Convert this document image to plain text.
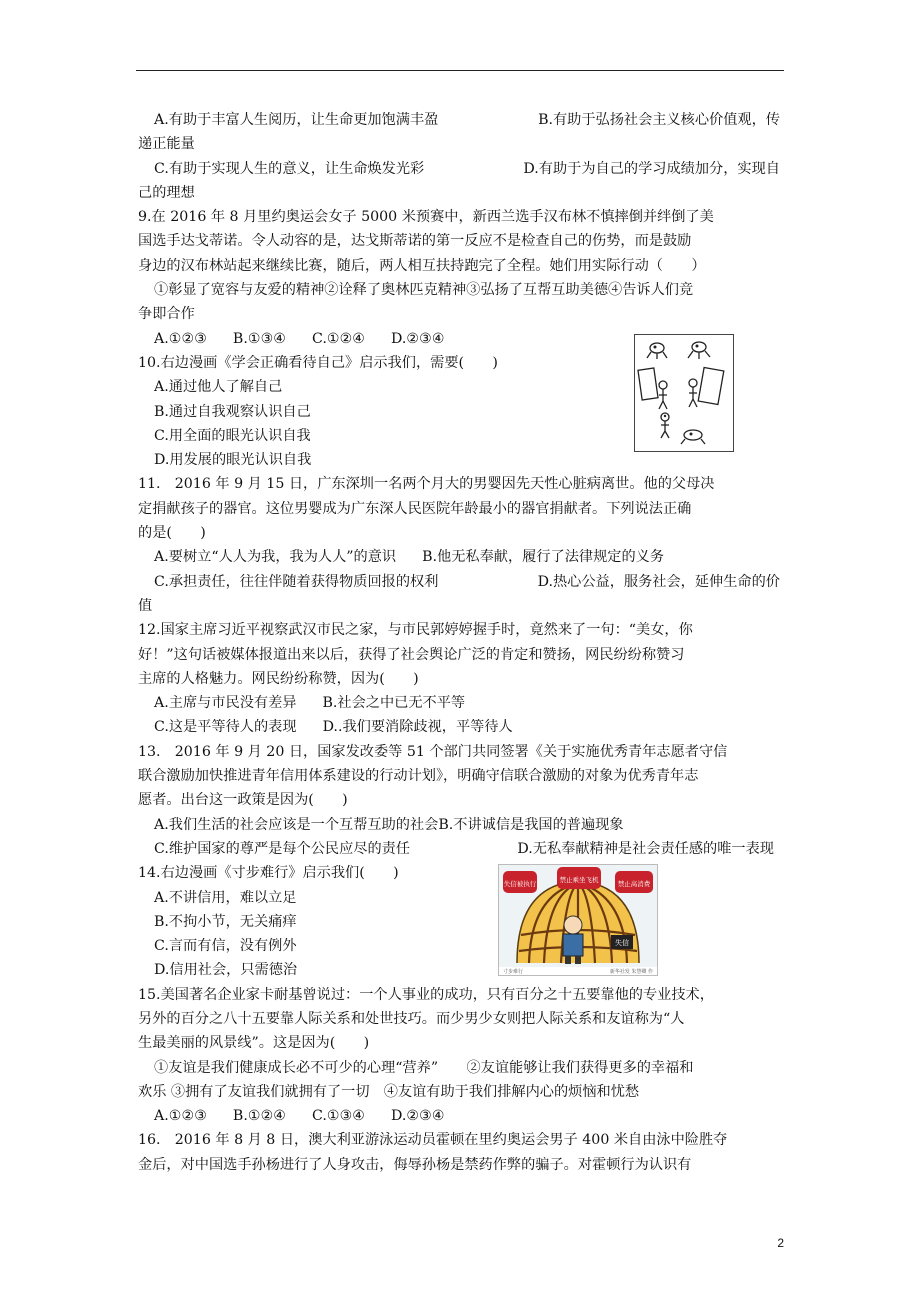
A.有助于丰富人生阅历，让生命更加饱满丰盈	B.有助于弘扬社会主义核心价值观，传
递正能量
C.有助于实现人生的意义，让生命焕发光彩	D.有助于为自己的学习成绩加分，实现自
己的理想
9.在 2016 年 8 月里约奥运会女子 5000 米预赛中，新西兰选手汉布林不慎摔倒并绊倒了美
国选手达戈蒂诺。令人动容的是，达戈斯蒂诺的第一反应不是检查自己的伤势，而是鼓励
身边的汉布林站起来继续比赛，随后，两人相互扶持跑完了全程。她们用实际行动（　　）
①彰显了宽容与友爱的精神②诠释了奥林匹克精神③弘扬了互帮互助美德④告诉人们竞
争即合作
A.①②③ B.①③④ C.①②④ D.②③④
10.右边漫画《学会正确看待自己》启示我们，需要(　　)
A.通过他人了解自己
B.通过自我观察认识自己
C.用全面的眼光认识自我
D.用发展的眼光认识自我
11.　2016 年 9 月 15 日，广东深圳一名两个月大的男婴因先天性心脏病离世。他的父母决
定捐献孩子的器官。这位男婴成为广东深人民医院年龄最小的器官捐献者。下列说法正确
的是(　　)
A.要树立“人人为我，我为人人”的意识 B.他无私奉献，履行了法律规定的义务
C.承担责任，往往伴随着获得物质回报的权利	D.热心公益，服务社会，延伸生命的价
值
12.国家主席习近平视察武汉市民之家，与市民郭婷婷握手时，竟然来了一句：“美女，你
好！”这句话被媒体报道出来以后，获得了社会舆论广泛的肯定和赞扬，网民纷纷称赞习
主席的人格魅力。网民纷纷称赞，因为(　　)
A.主席与市民没有差异 B.社会之中已无不平等
C.这是平等待人的表现 D..我们要消除歧视，平等待人
13.　2016 年 9 月 20 日，国家发改委等 51 个部门共同签署《关于实施优秀青年志愿者守信
联合激励加快推进青年信用体系建设的行动计划》，明确守信联合激励的对象为优秀青年志
愿者。出台这一政策是因为(　　)
A.我们生活的社会应该是一个互帮互助的社会B.不讲诚信是我国的普遍现象
C.维护国家的尊严是每个公民应尽的责任	D.无私奉献精神是社会责任感的唯一表现
14.右边漫画《寸步难行》启示我们(　　)
A.不讲信用，难以立足
B.不拘小节，无关痛痒
C.言而有信，没有例外
D.信用社会，只需德治
15.美国著名企业家卡耐基曾说过：一个人事业的成功，只有百分之十五要靠他的专业技术，
另外的百分之八十五要靠人际关系和处世技巧。而少男少女则把人际关系和友谊称为“人
生最美丽的风景线”。这是因为(　　)
①友谊是我们健康成长必不可少的心理“营养”　　②友谊能够让我们获得更多的幸福和
欢乐 ③拥有了友谊我们就拥有了一切　④友谊有助于我们排解内心的烦恼和忧愁
A.①②③ B.①②④ C.①③④ D.②③④
16.　2016 年 8 月 8 日，澳大利亚游泳运动员霍顿在里约奥运会男子 400 米自由泳中险胜夺
金后，对中国选手孙杨进行了人身攻击，侮辱孙杨是禁药作弊的骗子。对霍顿行为认识有
失信被执行	禁止乘坐飞机	禁止高消费
失信
寸步难行	新华社发 朱慧卿 作
2
